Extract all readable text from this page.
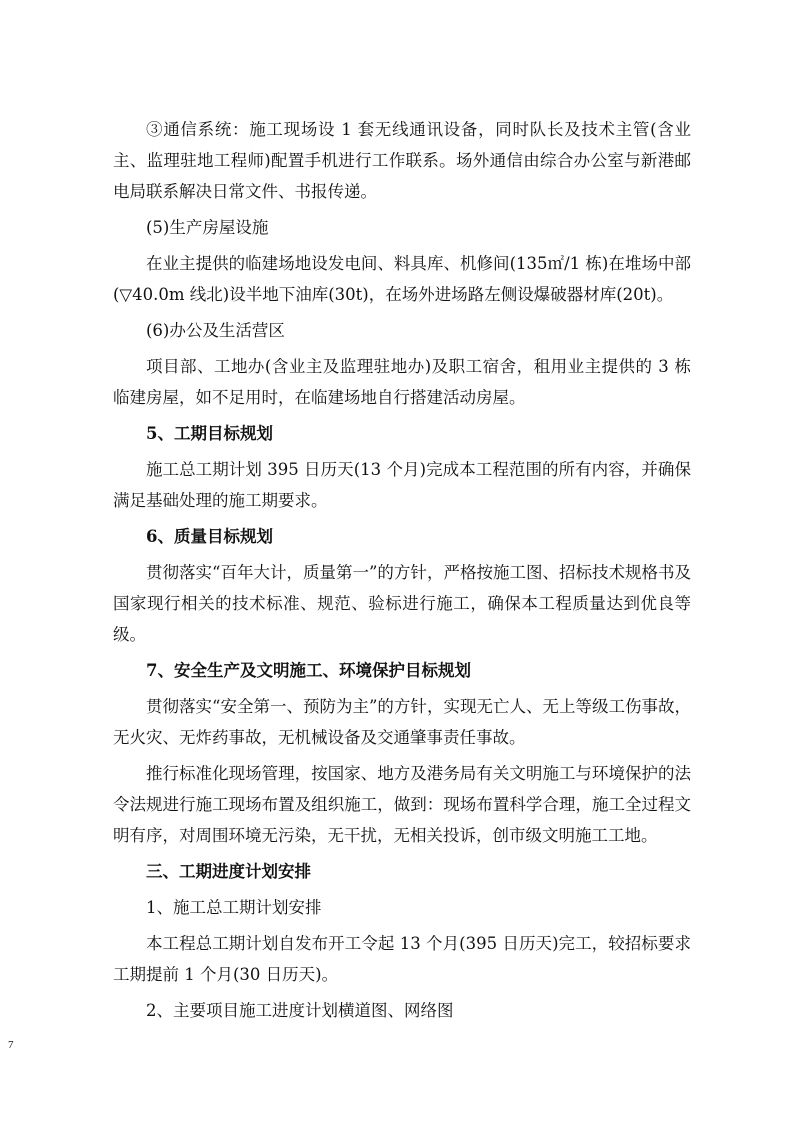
③通信系统：施工现场设 1 套无线通讯设备，同时队长及技术主管(含业主、监理驻地工程师)配置手机进行工作联系。场外通信由综合办公室与新港邮电局联系解决日常文件、书报传递。

(5)生产房屋设施

在业主提供的临建场地设发电间、料具库、机修间(135㎡/1 栋)在堆场中部(▽40.0m 线北)设半地下油库(30t)，在场外进场路左侧设爆破器材库(20t)。

(6)办公及生活营区

项目部、工地办(含业主及监理驻地办)及职工宿舍，租用业主提供的 3 栋临建房屋，如不足用时，在临建场地自行搭建活动房屋。

5、工期目标规划

施工总工期计划 395 日历天(13 个月)完成本工程范围的所有内容，并确保满足基础处理的施工期要求。

6、质量目标规划

贯彻落实“百年大计，质量第一”的方针，严格按施工图、招标技术规格书及国家现行相关的技术标准、规范、验标进行施工，确保本工程质量达到优良等级。

7、安全生产及文明施工、环境保护目标规划

贯彻落实“安全第一、预防为主”的方针，实现无亡人、无上等级工伤事故，无火灾、无炸药事故，无机械设备及交通肇事责任事故。

推行标准化现场管理，按国家、地方及港务局有关文明施工与环境保护的法令法规进行施工现场布置及组织施工，做到：现场布置科学合理，施工全过程文明有序，对周围环境无污染，无干扰，无相关投诉，创市级文明施工工地。

三、工期进度计划安排

1、施工总工期计划安排

本工程总工期计划自发布开工令起 13 个月(395 日历天)完工，较招标要求工期提前 1 个月(30 日历天)。

2、主要项目施工进度计划横道图、网络图

7
